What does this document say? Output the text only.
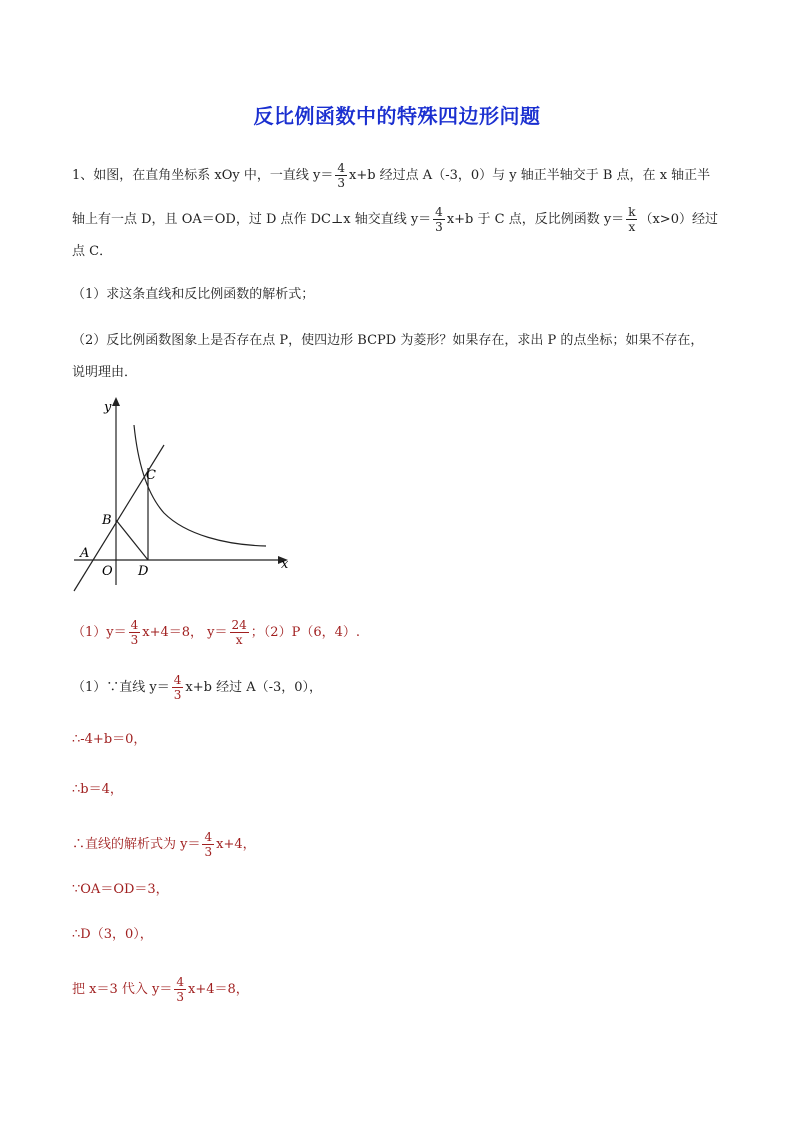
反比例函数中的特殊四边形问题
1、如图，在直角坐标系 xOy 中，一直线 $y= \frac{4}{3} x+b$ 经过点 A（-3，0）与 y 轴正半轴交于 B 点，在 x 轴正半
轴上有一点 D，且 OA＝OD，过 D 点作 DC⊥x 轴交直线 $y= \frac{4}{3} x+b$ 于 C 点，反比例函数 $y= \frac{k}{x} (x>0)$经过
点 C．
（1）求这条直线和反比例函数的解析式；
（2）反比例函数图象上是否存在点 P，使四边形 BCPD 为菱形？如果存在，求出 P 的点坐标；如果不存在，
说明理由．
y
x
A
B
C
O D
$(1)y= \frac{4}{3} x+4=8$， $y= \frac{24}{x}$ ；（2）P（6，4）.
（1）∵直线 $y= \frac{4}{3} x+b$ 经过 A（-3，0），
∴-4+b＝0，
∴b＝4，
∴直线的解析式为 $y= \frac{4}{3} x+4$，
∵OA＝OD＝3，
∴D（3，0），
把 x＝3 代入 $y= \frac{4}{3} x+4=8$，
